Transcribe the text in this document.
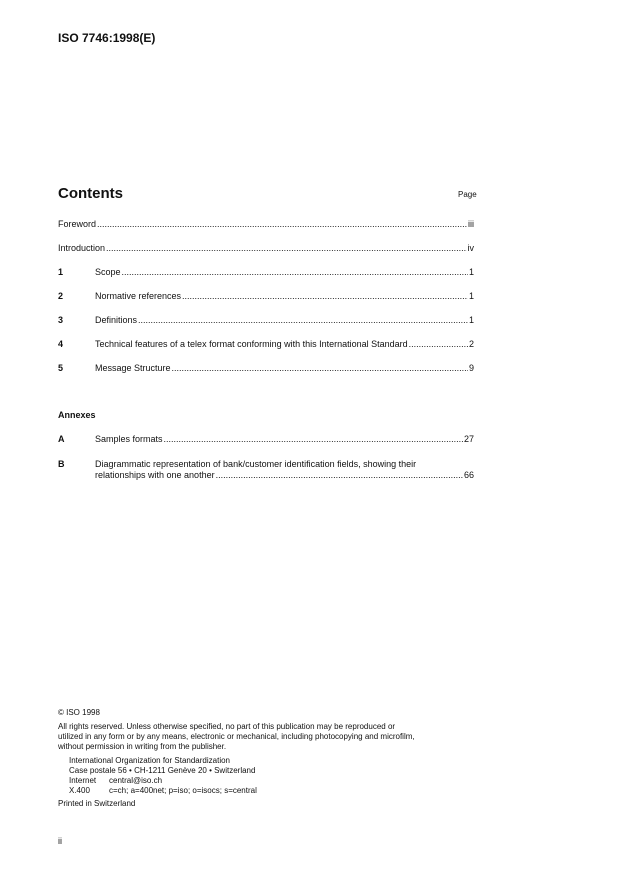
ISO 7746:1998(E)
Contents	Page
Foreword .....	iii
Introduction .....	iv
1	Scope .....	1
2	Normative references .....	1
3	Definitions .....	1
4	Technical features of a telex format conforming with this International Standard .....	2
5	Message Structure .....	9
Annexes
A	Samples formats .....	27
B	Diagrammatic representation of bank/customer identification fields, showing their
relationships with one another .....	66
© ISO 1998
All rights reserved. Unless otherwise specified, no part of this publication may be reproduced or utilized in any form or by any means, electronic or mechanical, including photocopying and microfilm, without permission in writing from the publisher.
International Organization for Standardization
Case postale 56 • CH-1211 Genève 20 • Switzerland
Internet central@iso.ch
X.400 c=ch; a=400net; p=iso; o=isocs; s=central
Printed in Switzerland
ii
